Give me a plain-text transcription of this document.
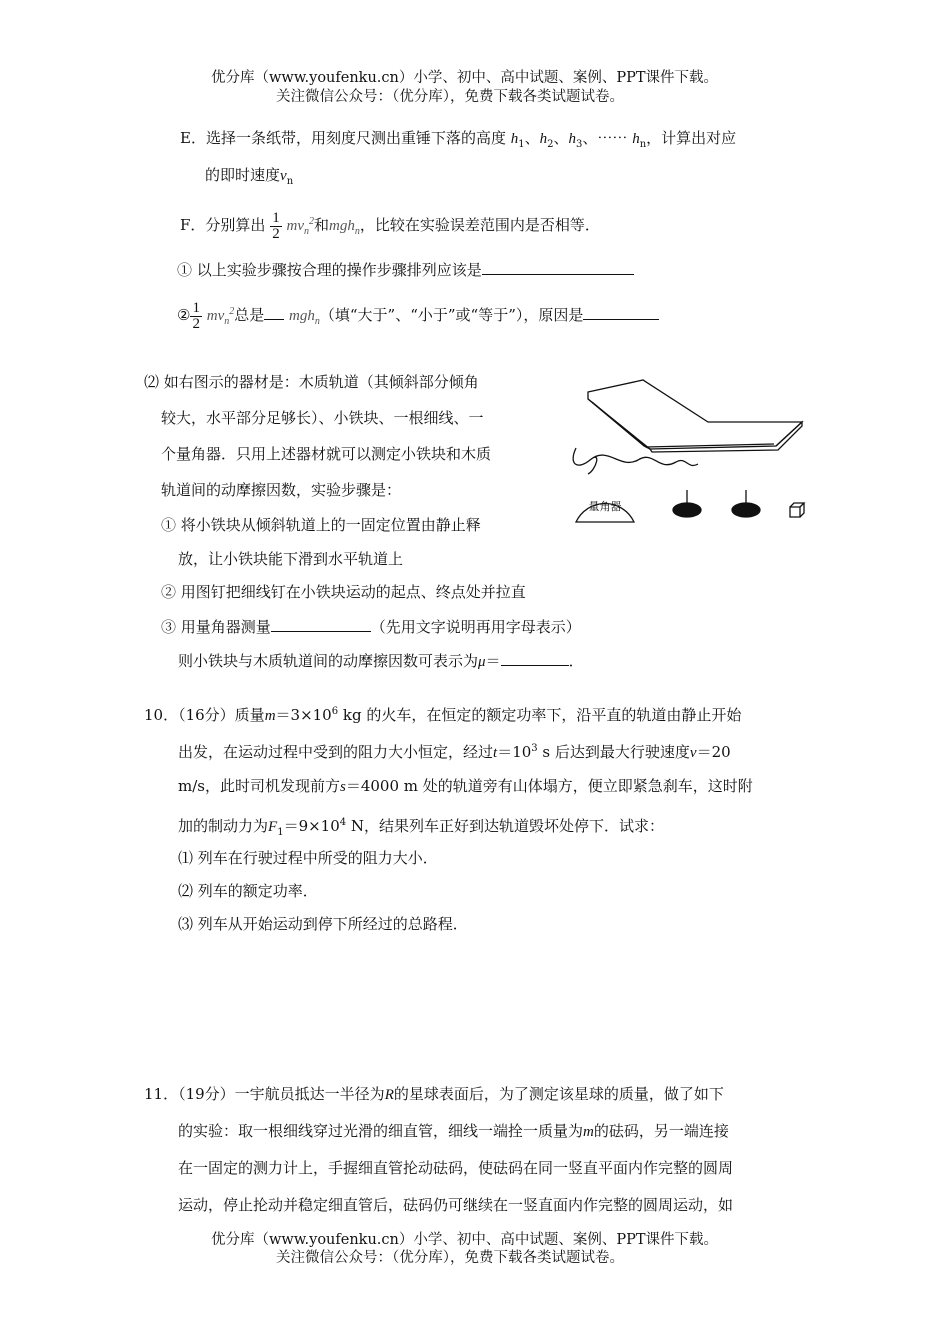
优分库（www.youfenku.cn）小学、初中、高中试题、案例、PPT课件下载。
关注微信公众号：（优分库），免费下载各类试题试卷。
E．选择一条纸带，用刻度尺测出重锤下落的高度 $h_1$、$h_2$、$h_3$、⋯⋯ $h_n$，计算出对应
的即时速度$v_n$
F．分别算出 $\frac{1}{2} mv_n^2$和mgh$_n$，比较在实验误差范围内是否相等．
① 以上实验步骤按合理的操作步骤排列应该是
② $\frac{1}{2} mv_n^2$总是 mgh$_n$（填“大于”、“小于”或“等于”），原因是
⑵ 如右图示的器材是：木质轨道（其倾斜部分倾角
较大，水平部分足够长）、小铁块、一根细线、一
个量角器．只用上述器材就可以测定小铁块和木质
轨道间的动摩擦因数，实验步骤是：
① 将小铁块从倾斜轨道上的一固定位置由静止释
放，让小铁块能下滑到水平轨道上
② 用图钉把细线钉在小铁块运动的起点、终点处并拉直
③ 用量角器测量	（先用文字说明再用字母表示）
则小铁块与木质轨道间的动摩擦因数可表示为μ＝	．
量角器
10．（16分）质量$m=3\times 10^6$ kg 的火车，在恒定的额定功率下，沿平直的轨道由静止开始
出发，在运动过程中受到的阻力大小恒定，经过$t=10^3$ s 后达到最大行驶速度v＝20
m/s，此时司机发现前方s＝4000 m 处的轨道旁有山体塌方，便立即紧急刹车，这时附
加的制动力为$F_1=9\times 10^4$ N，结果列车正好到达轨道毁坏处停下．试求：
⑴ 列车在行驶过程中所受的阻力大小．
⑵ 列车的额定功率．
⑶ 列车从开始运动到停下所经过的总路程．
11．（19分）一宇航员抵达一半径为R的星球表面后，为了测定该星球的质量，做了如下
的实验：取一根细线穿过光滑的细直管，细线一端拴一质量为m的砝码，另一端连接
在一固定的测力计上，手握细直管抡动砝码，使砝码在同一竖直平面内作完整的圆周
运动，停止抡动并稳定细直管后，砝码仍可继续在一竖直面内作完整的圆周运动，如
优分库（www.youfenku.cn）小学、初中、高中试题、案例、PPT课件下载。
关注微信公众号：（优分库），免费下载各类试题试卷。
